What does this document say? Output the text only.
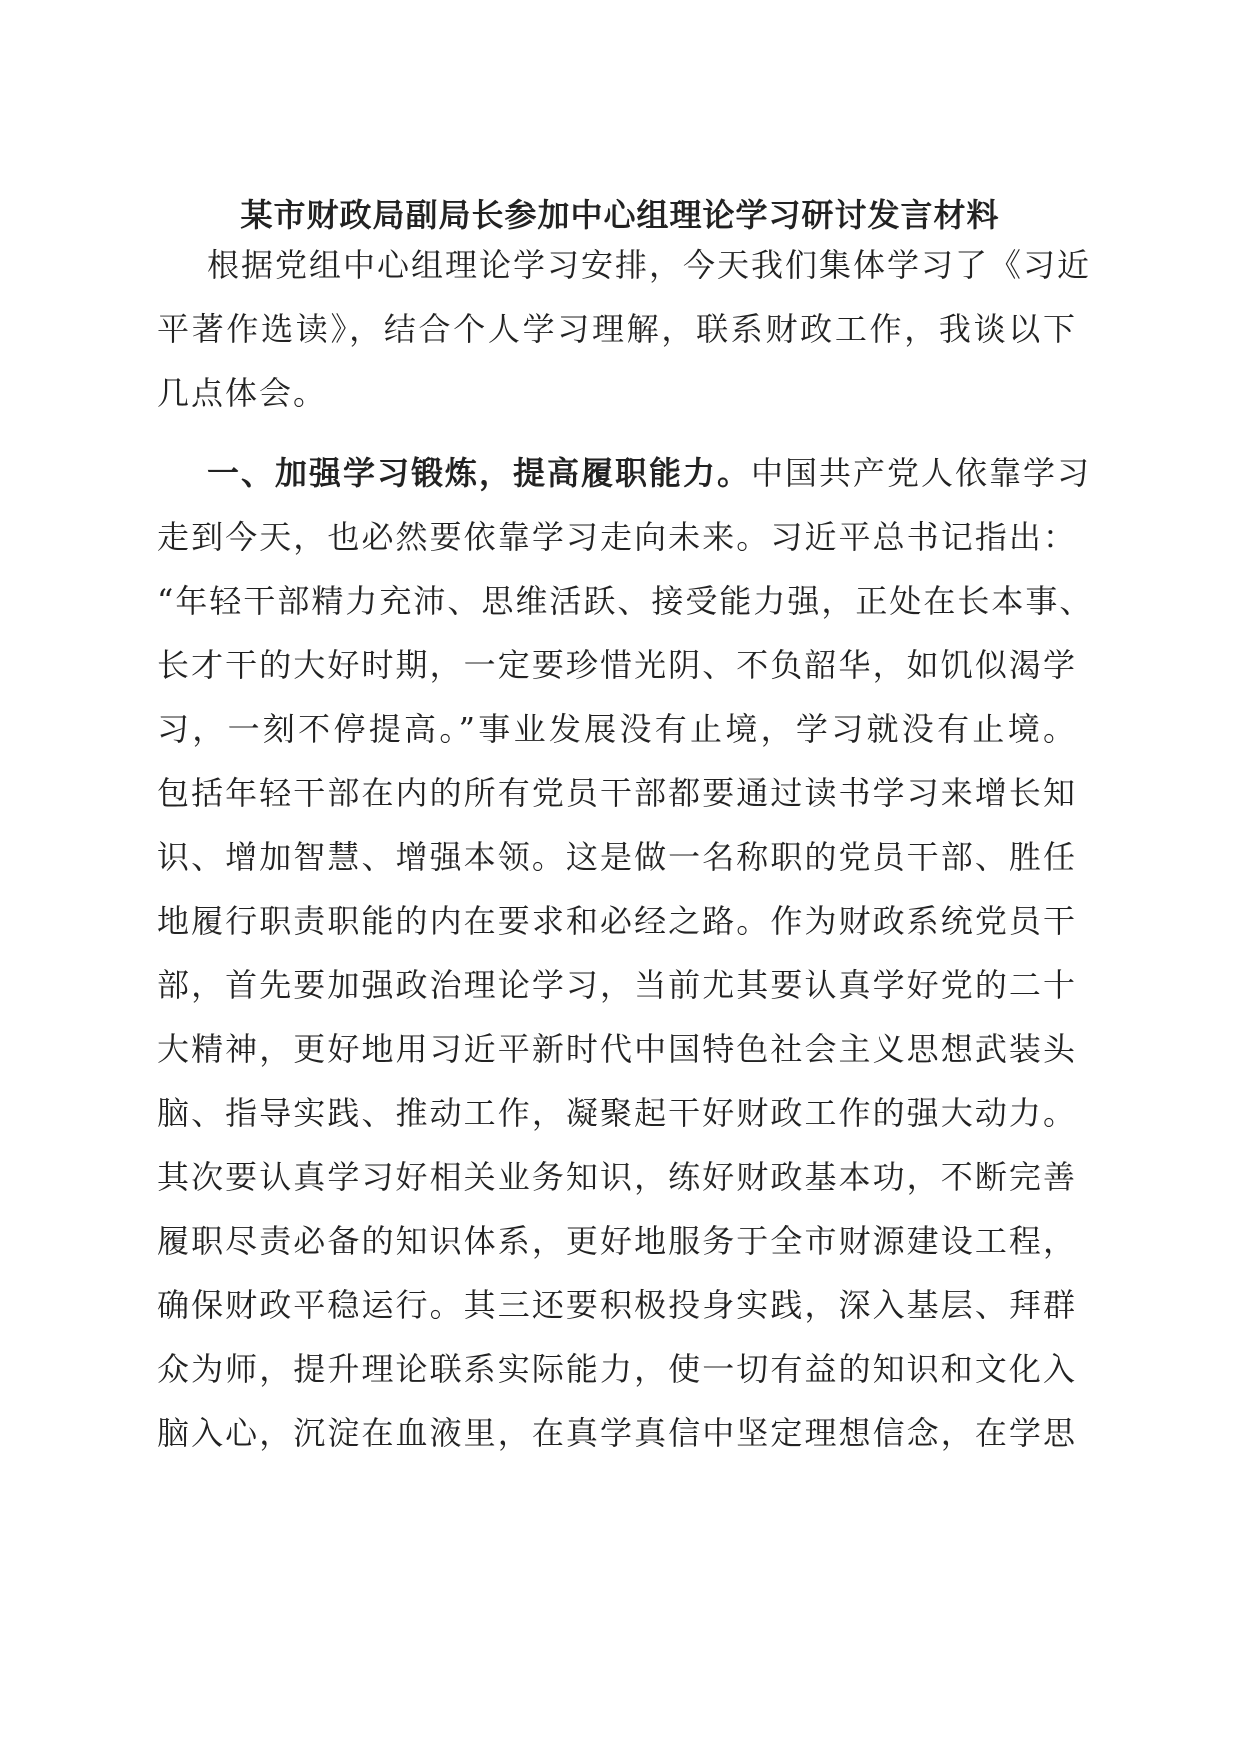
某市财政局副局长参加中心组理论学习研讨发言材料
根据党组中心组理论学习安排，今天我们集体学习了《习近
平著作选读》，结合个人学习理解，联系财政工作，我谈以下
几点体会。
一、加强学习锻炼，提高履职能力。中国共产党人依靠学习
走到今天，也必然要依靠学习走向未来。习近平总书记指出：
“年轻干部精力充沛、思维活跃、接受能力强，正处在长本事、
长才干的大好时期，一定要珍惜光阴、不负韶华，如饥似渴学
习，一刻不停提高。”事业发展没有止境，学习就没有止境。
包括年轻干部在内的所有党员干部都要通过读书学习来增长知
识、增加智慧、增强本领。这是做一名称职的党员干部、胜任
地履行职责职能的内在要求和必经之路。作为财政系统党员干
部，首先要加强政治理论学习，当前尤其要认真学好党的二十
大精神，更好地用习近平新时代中国特色社会主义思想武装头
脑、指导实践、推动工作，凝聚起干好财政工作的强大动力。
其次要认真学习好相关业务知识，练好财政基本功，不断完善
履职尽责必备的知识体系，更好地服务于全市财源建设工程，
确保财政平稳运行。其三还要积极投身实践，深入基层、拜群
众为师，提升理论联系实际能力，使一切有益的知识和文化入
脑入心，沉淀在血液里，在真学真信中坚定理想信念，在学思
